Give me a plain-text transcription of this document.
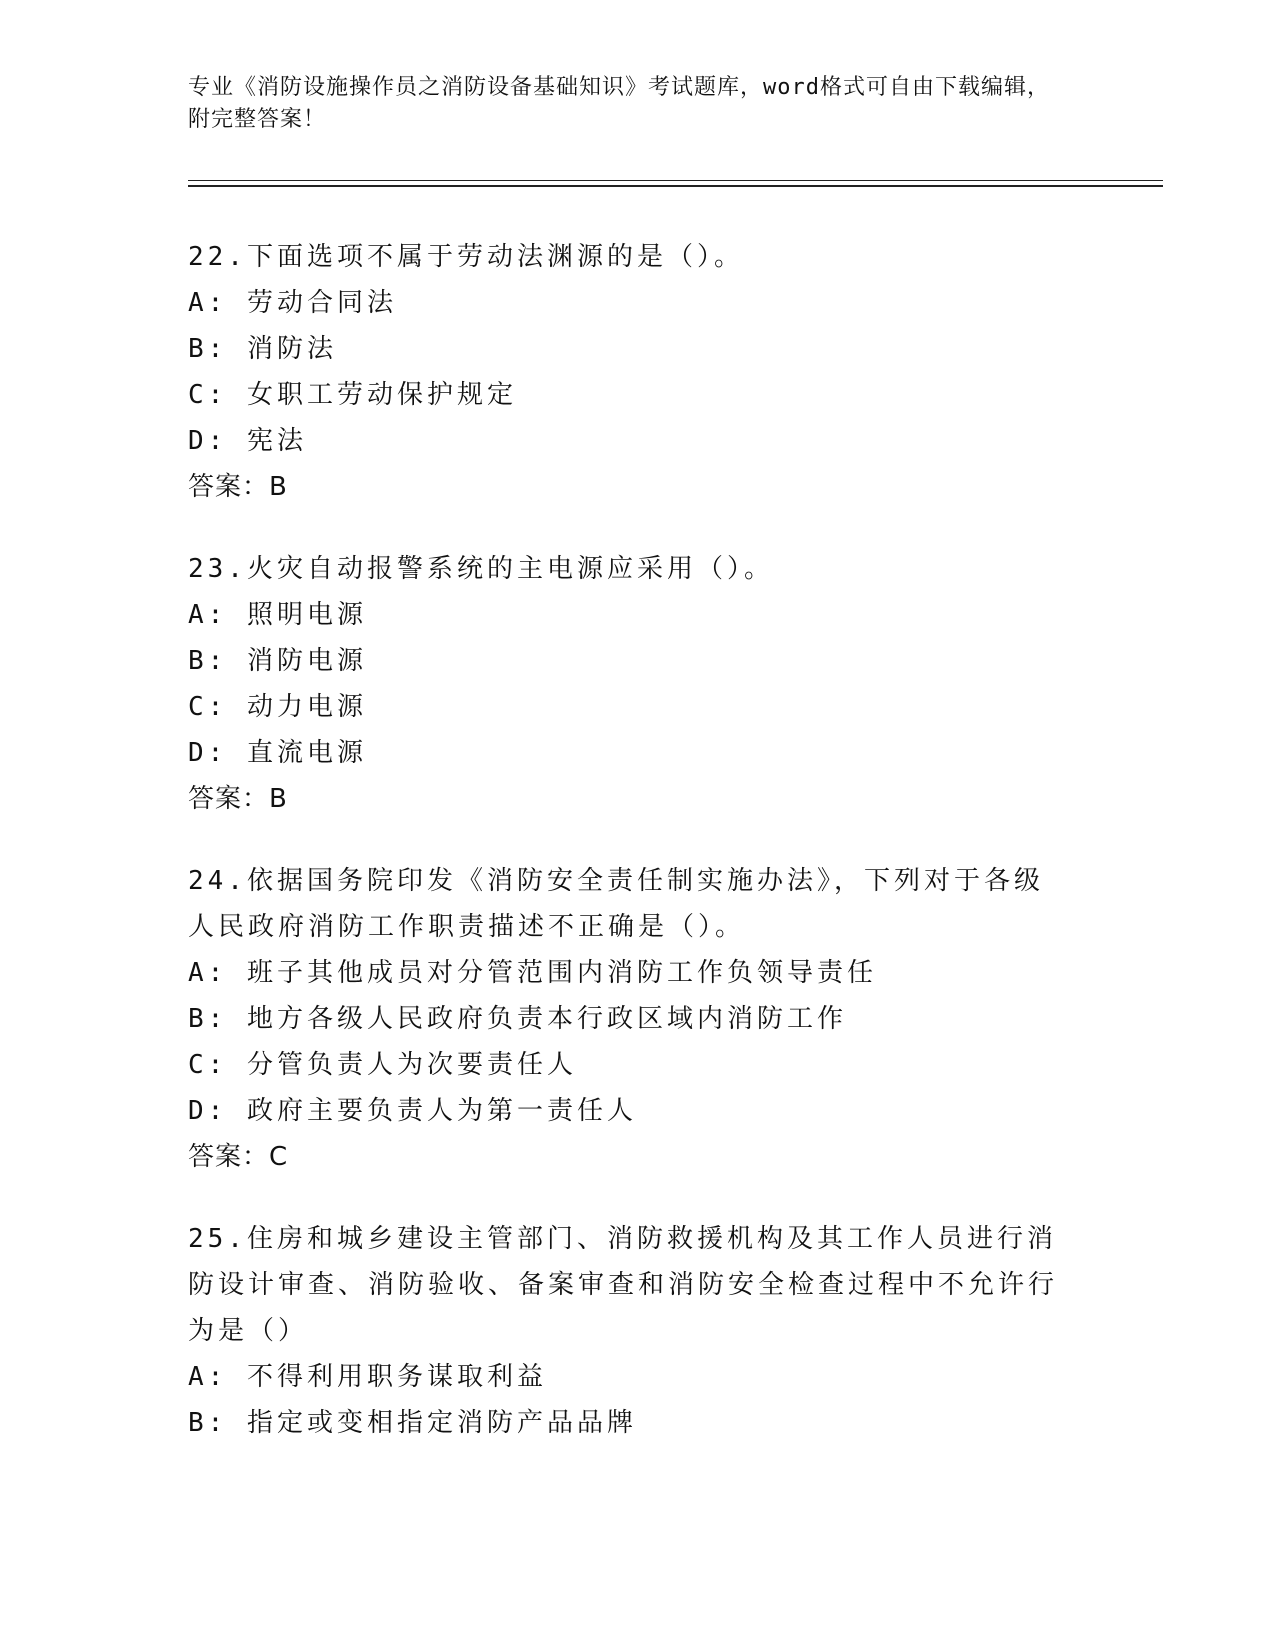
专业《消防设施操作员之消防设备基础知识》考试题库，word格式可自由下载编辑，附完整答案！
22.下面选项不属于劳动法渊源的是（）。
A: 劳动合同法
B: 消防法
C: 女职工劳动保护规定
D: 宪法
答案：B
23.火灾自动报警系统的主电源应采用（）。
A: 照明电源
B: 消防电源
C: 动力电源
D: 直流电源
答案：B
24.依据国务院印发《消防安全责任制实施办法》，下列对于各级人民政府消防工作职责描述不正确是（）。
A: 班子其他成员对分管范围内消防工作负领导责任
B: 地方各级人民政府负责本行政区域内消防工作
C: 分管负责人为次要责任人
D: 政府主要负责人为第一责任人
答案：C
25.住房和城乡建设主管部门、消防救援机构及其工作人员进行消防设计审查、消防验收、备案审查和消防安全检查过程中不允许行为是（）
A: 不得利用职务谋取利益
B: 指定或变相指定消防产品品牌
